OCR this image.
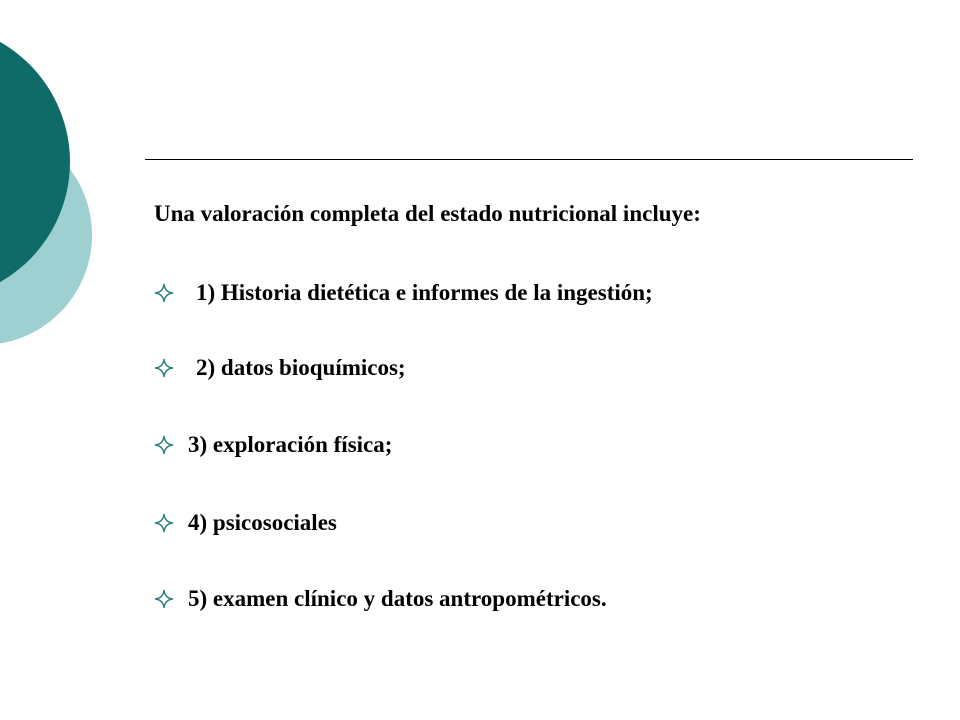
Una valoración completa del estado nutricional incluye:
1) Historia dietética e informes de la ingestión;
2) datos bioquímicos;
3) exploración física;
4) psicosociales
5) examen clínico y datos antropométricos.
